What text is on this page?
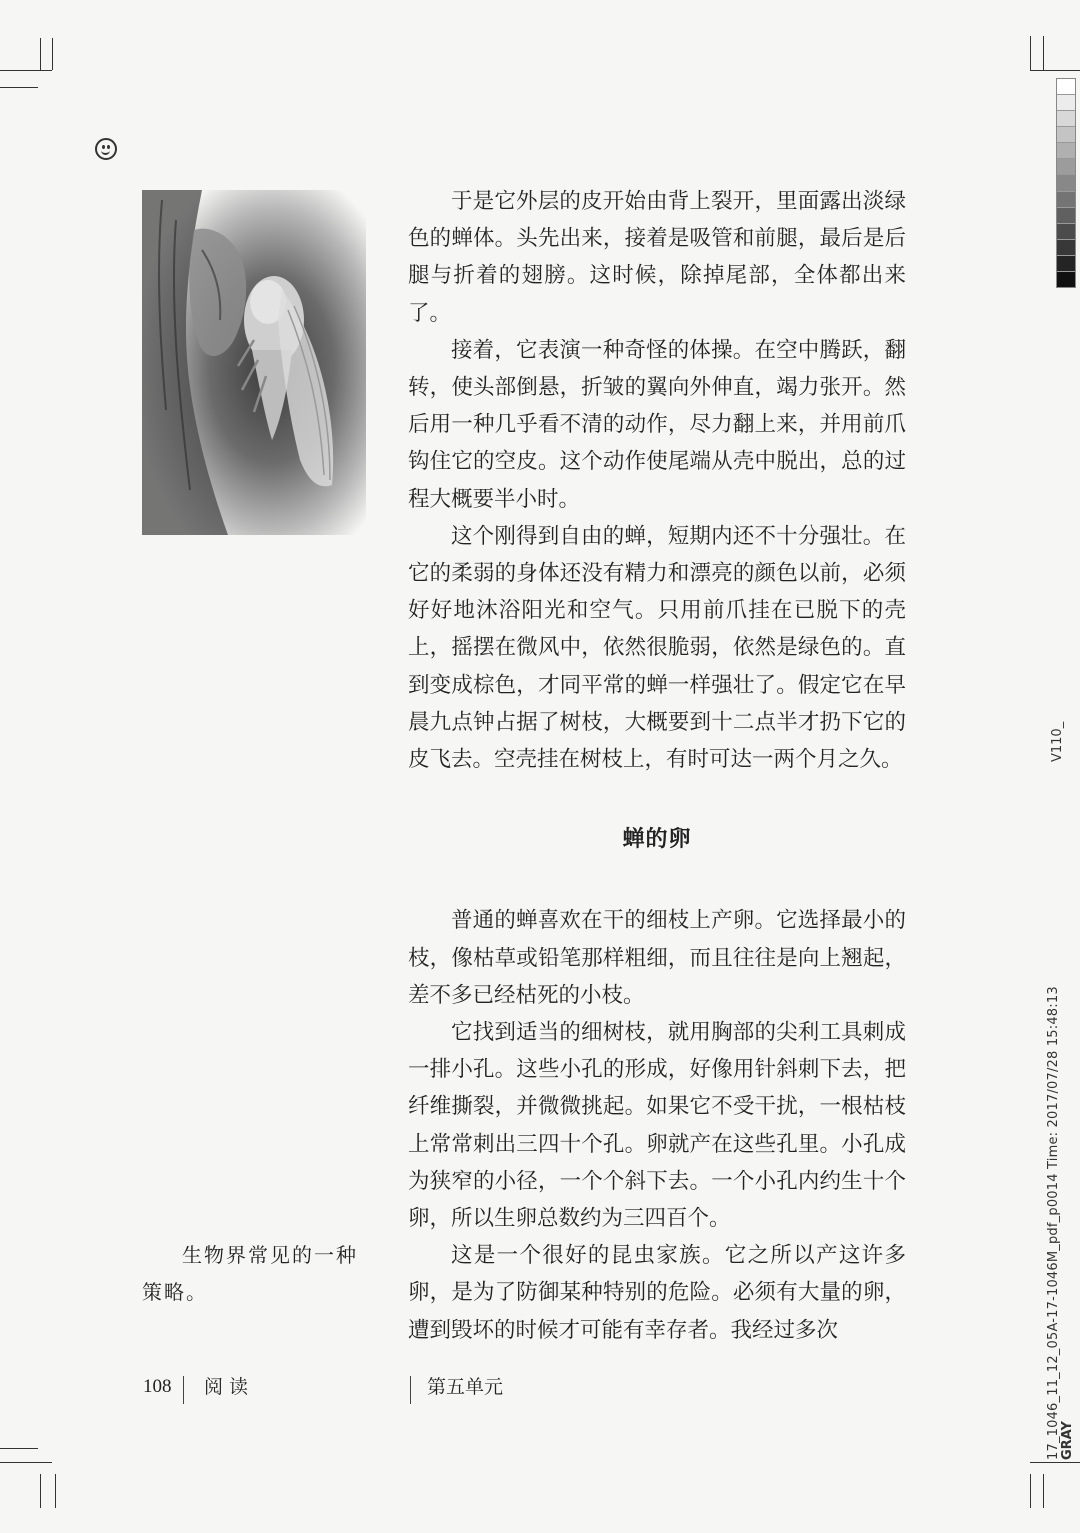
V110_
17_1046_11_12_05A-17-1046M_pdf_p0014 Time: 2017/07/28 15:48:13 GRAY

于是它外层的皮开始由背上裂开，里面露出淡绿色的蝉体。头先出来，接着是吸管和前腿，最后是后腿与折着的翅膀。这时候，除掉尾部，全体都出来了。

接着，它表演一种奇怪的体操。在空中腾跃，翻转，使头部倒悬，折皱的翼向外伸直，竭力张开。然后用一种几乎看不清的动作，尽力翻上来，并用前爪钩住它的空皮。这个动作使尾端从壳中脱出，总的过程大概要半小时。

这个刚得到自由的蝉，短期内还不十分强壮。在它的柔弱的身体还没有精力和漂亮的颜色以前，必须好好地沐浴阳光和空气。只用前爪挂在已脱下的壳上，摇摆在微风中，依然很脆弱，依然是绿色的。直到变成棕色，才同平常的蝉一样强壮了。假定它在早晨九点钟占据了树枝，大概要到十二点半才扔下它的皮飞去。空壳挂在树枝上，有时可达一两个月之久。

蝉的卵

普通的蝉喜欢在干的细枝上产卵。它选择最小的枝，像枯草或铅笔那样粗细，而且往往是向上翘起，差不多已经枯死的小枝。

它找到适当的细树枝，就用胸部的尖利工具刺成一排小孔。这些小孔的形成，好像用针斜刺下去，把纤维撕裂，并微微挑起。如果它不受干扰，一根枯枝上常常刺出三四十个孔。卵就产在这些孔里。小孔成为狭窄的小径，一个个斜下去。一个小孔内约生十个卵，所以生卵总数约为三四百个。

这是一个很好的昆虫家族。它之所以产这许多卵，是为了防御某种特别的危险。必须有大量的卵，遭到毁坏的时候才可能有幸存者。我经过多次

生物界常见的一种策略。
108 阅 读	第五单元
